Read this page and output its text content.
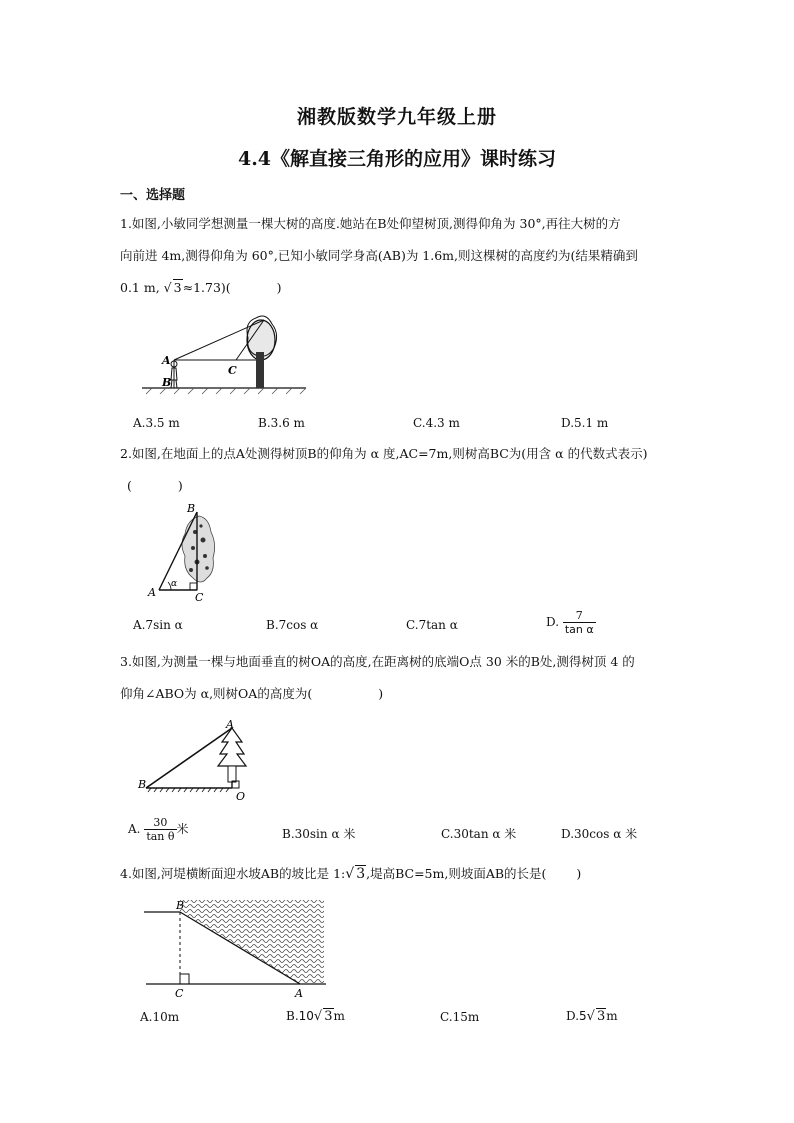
湘教版数学九年级上册
4.4《解直接三角形的应用》课时练习
一、选择题
1.如图,小敏同学想测量一棵大树的高度.她站在B处仰望树顶,测得仰角为 30°,再往大树的方
向前进 4m,测得仰角为 60°,已知小敏同学身高(AB)为 1.6m,则这棵树的高度约为(结果精确到
0.1 m, √ 3≈1.73)(	)
A
B
C
A.3.5 m	B.3.6 m	C.4.3 m	D.5.1 m
2.如图,在地面上的点A处测得树顶B的仰角为 α 度,AC=7m,则树高BC为(用含 α 的代数式表示)
(	)
α
B
A	C
A.7sin α	B.7cos α	C.7tan α	D. $\frac{7}{\text{tan α}}$
3.如图,为测量一棵与地面垂直的树OA的高度,在距离树的底端O点 30 米的B处,测得树顶 4 的
仰角∠ABO为 α,则树OA的高度为(	)
A
B
O
A. $\frac{30}{\text{tan θ}}$ 米	B.30sin α 米	C.30tan α 米	D.30cos α 米
4.如图,河堤横断面迎水坡AB的坡比是 1:√ 3,堤高BC=5m,则坡面AB的长是( )
B
C	A
A.10m	B.10√ 3m	C.15m	D.5√ 3m
